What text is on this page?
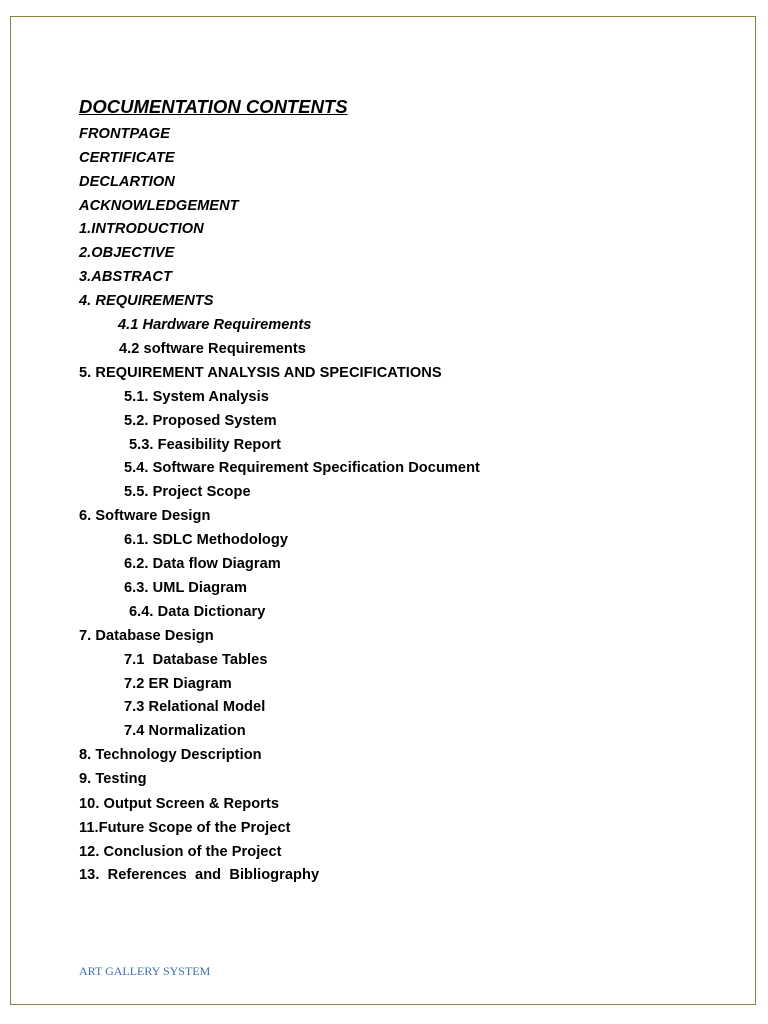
DOCUMENTATION CONTENTS
FRONTPAGE
CERTIFICATE
DECLARTION
ACKNOWLEDGEMENT
1.INTRODUCTION
2.OBJECTIVE
3.ABSTRACT
4. REQUIREMENTS
4.1 Hardware Requirements
4.2 software Requirements
5. REQUIREMENT ANALYSIS AND SPECIFICATIONS
5.1. System Analysis
5.2. Proposed System
5.3. Feasibility Report
5.4. Software Requirement Specification Document
5.5. Project Scope
6. Software Design
6.1. SDLC Methodology
6.2. Data flow Diagram
6.3. UML Diagram
6.4. Data Dictionary
7. Database Design
7.1  Database Tables
7.2 ER Diagram
7.3 Relational Model
7.4 Normalization
8. Technology Description
9. Testing
10. Output Screen & Reports
11.Future Scope of the Project
12. Conclusion of the Project
13.  References  and  Bibliography
ART GALLERY SYSTEM
